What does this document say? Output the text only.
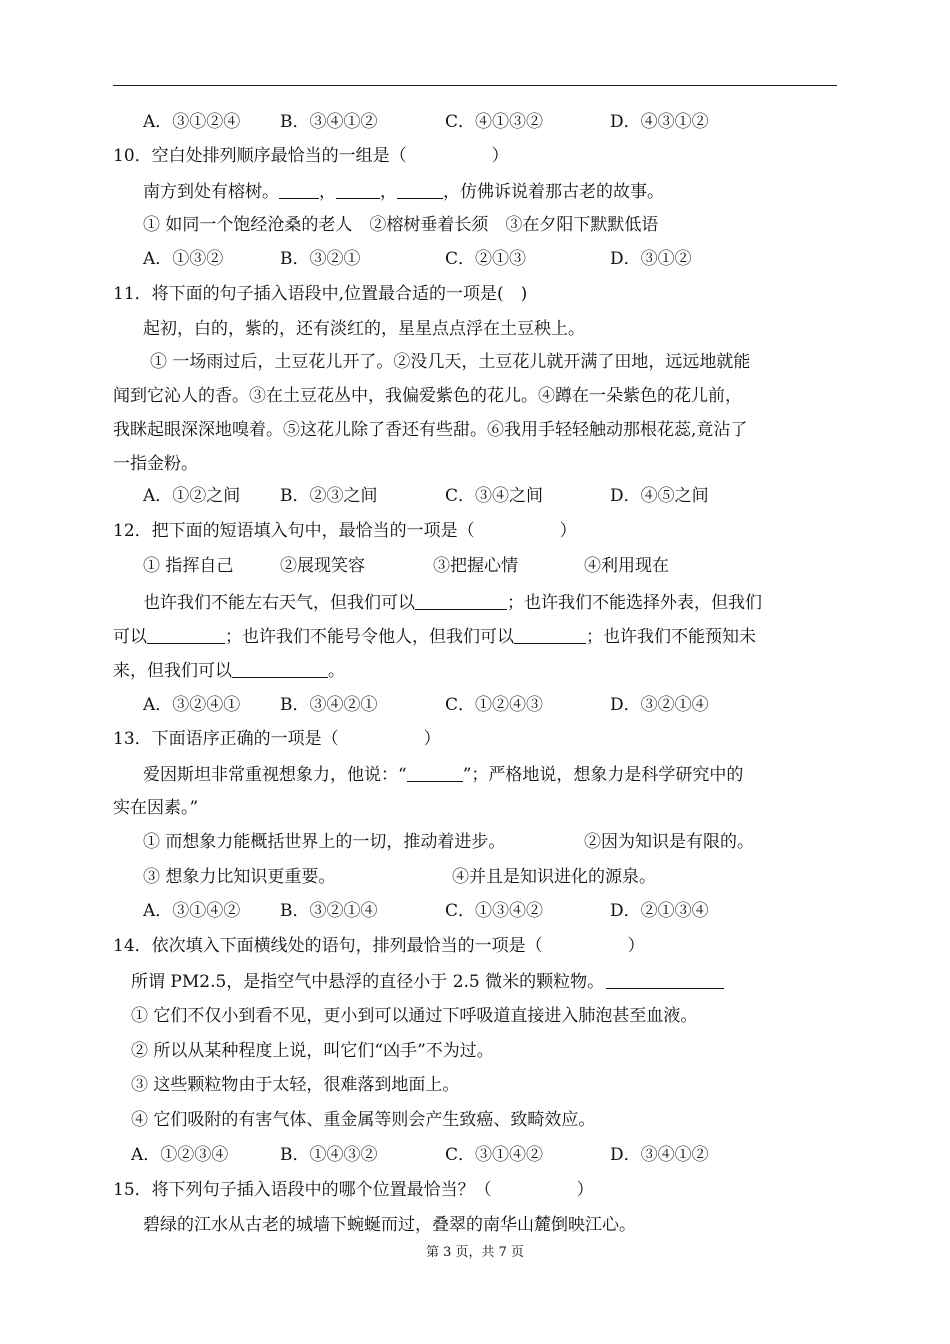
.
A．③①②④ B．③④①②	C．④①③②	D．④③①②
10．空白处排列顺序最恰当的一组是（　　　　　）
南方到处有榕树。 ，	，	，仿佛诉说着那古老的故事。
① 如同一个饱经沧桑的老人　②榕树垂着长须　③在夕阳下默默低语
A．①③②	B．③②①	C．②①③	D．③①②
11．将下面的句子插入语段中,位置最合适的一项是(　)
起初，白的，紫的，还有淡红的，星星点点浮在土豆秧上。
① 一场雨过后，土豆花儿开了。②没几天，土豆花儿就开满了田地，远远地就能
闻到它沁人的香。③在土豆花丛中，我偏爱紫色的花儿。④蹲在一朵紫色的花儿前，
我眯起眼深深地嗅着。⑤这花儿除了香还有些甜。⑥我用手轻轻触动那根花蕊,竟沾了
一指金粉。
A．①②之间 B．②③之间	C．③④之间	D．④⑤之间
12．把下面的短语填入句中，最恰当的一项是（　　　　　）
① 指挥自己	②展现笑容	③把握心情	④利用现在
也许我们不能左右天气，但我们可以	；也许我们不能选择外表，但我们
可以	；也许我们不能号令他人，但我们可以	；也许我们不能预知未
来，但我们可以	。
A．③②④① B．③④②①	C．①②④③	D．③②①④
13．下面语序正确的一项是（　　　　　）
爱因斯坦非常重视想象力，他说：“	”；严格地说，想象力是科学研究中的
实在因素。”
① 而想象力能概括世界上的一切，推动着进步。	②因为知识是有限的。
③ 想象力比知识更重要。	④并且是知识进化的源泉。
A．③①④② B．③②①④	C．①③④②	D．②①③④
14．依次填入下面横线处的语句，排列最恰当的一项是（　　　　　）
所谓 PM2.5，是指空气中悬浮的直径小于 2.5 微米的颗粒物。
① 它们不仅小到看不见，更小到可以通过下呼吸道直接进入肺泡甚至血液。
② 所以从某种程度上说，叫它们“凶手”不为过。
③ 这些颗粒物由于太轻，很难落到地面上。
④ 它们吸附的有害气体、重金属等则会产生致癌、致畸效应。
A．①②③④	B．①④③②	C．③①④②	D．③④①②
15．将下列句子插入语段中的哪个位置最恰当？（　　　　　）
碧绿的江水从古老的城墙下蜿蜒而过，叠翠的南华山麓倒映江心。
第 3 页，共 7 页
